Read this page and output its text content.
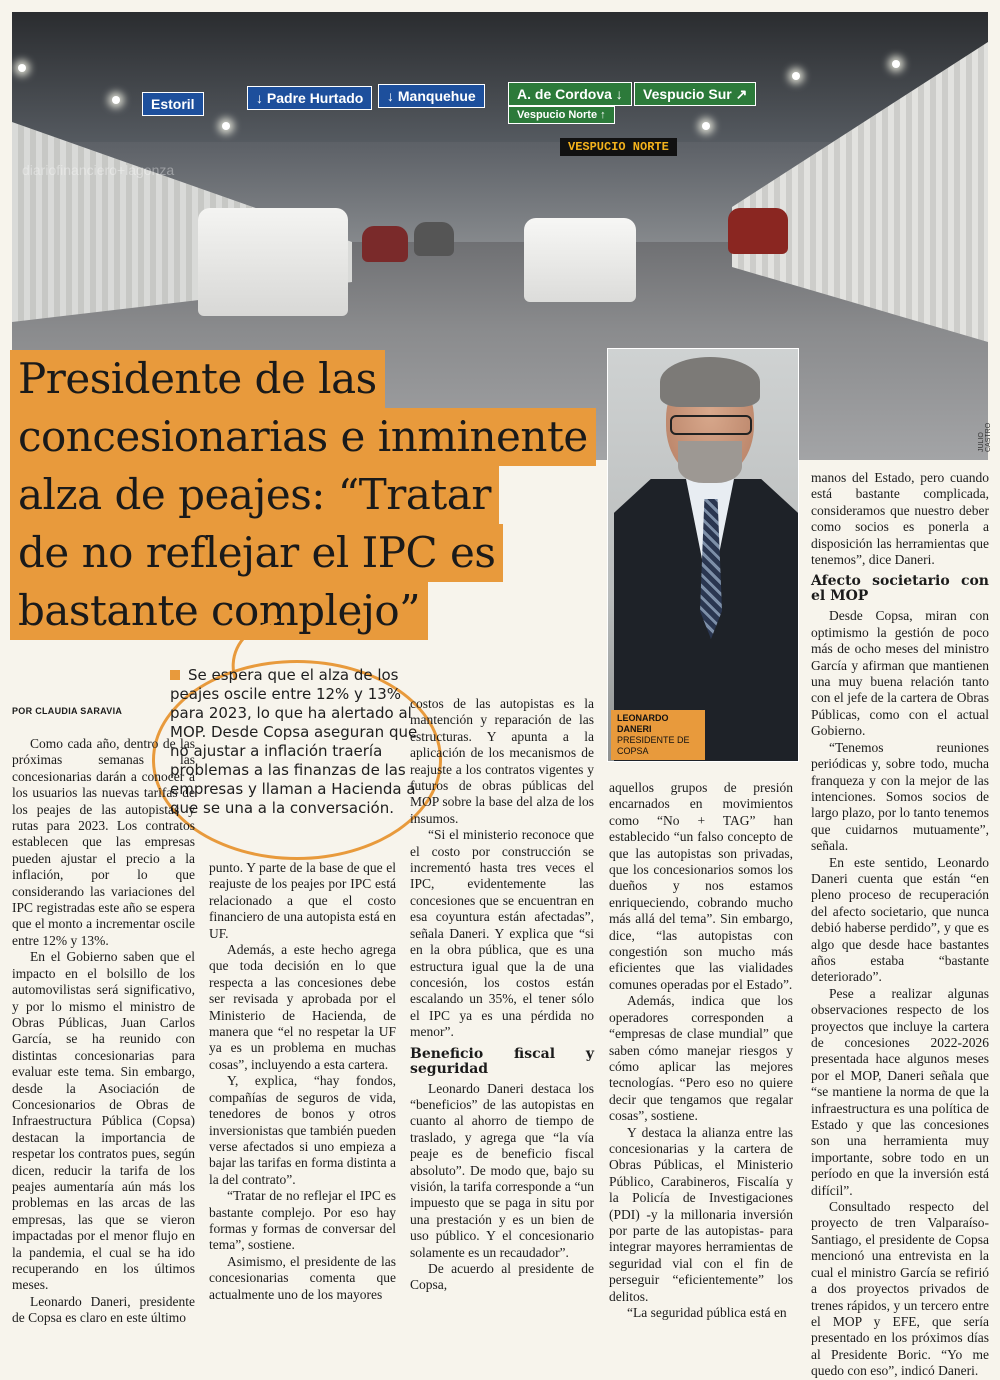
Estoril	↓ Padre Hurtado	↓ Manquehue	A. de Cordova ↓	Vespucio Sur ↗
Vespucio Norte ↑
VESPUCIO NORTE
diariofinanciero+lagonza
JULIO CASTRO
LEONARDO
DANERI
PRESIDENTE DE
COPSA
Presidente de las
concesionarias e inminente
alza de peajes: “Tratar
de no reflejar el IPC es
bastante complejo”
Se espera que el alza de los peajes oscile entre 12% y 13% para 2023, lo que ha alertado al MOP. Desde Copsa aseguran que no ajustar a inflación traería problemas a las finanzas de las empresas y llaman a Hacienda a que se una a la conversación.
POR CLAUDIA SARAVIA

Como cada año, dentro de las próximas semanas las concesionarias darán a conocer a los usuarios las nuevas tarifas de los peajes de las autopistas y rutas para 2023. Los contratos establecen que las empresas pueden ajustar el precio a la inflación, por lo que considerando las variaciones del IPC registradas este año se espera que el monto a incrementar oscile entre 12% y 13%.

En el Gobierno saben que el impacto en el bolsillo de los automovilistas será significativo, y por lo mismo el ministro de Obras Públicas, Juan Carlos García, se ha reunido con distintas concesionarias para evaluar este tema. Sin embargo, desde la Asociación de Concesionarios de Obras de Infraestructura Pública (Copsa) destacan la importancia de respetar los contratos pues, según dicen, reducir la tarifa de los peajes aumentaría aún más los problemas en las arcas de las empresas, las que se vieron impactadas por el menor flujo en la pandemia, el cual se ha ido recuperando en los últimos meses.

Leonardo Daneri, presidente de Copsa es claro en este último

punto. Y parte de la base de que el reajuste de los peajes por IPC está relacionado a que el costo financiero de una autopista está en UF.

Además, a este hecho agrega que toda decisión en lo que respecta a las concesiones debe ser revisada y aprobada por el Ministerio de Hacienda, de manera que “el no respetar la UF ya es un problema en muchas cosas”, incluyendo a esta cartera.

Y, explica, “hay fondos, compañías de seguros de vida, tenedores de bonos y otros inversionistas que también pueden verse afectados si uno empieza a bajar las tarifas en forma distinta a la del contrato”.

“Tratar de no reflejar el IPC es bastante complejo. Por eso hay formas y formas de conversar del tema”, sostiene.

Asimismo, el presidente de las concesionarias comenta que actualmente uno de los mayores

costos de las autopistas es la mantención y reparación de las estructuras. Y apunta a la aplicación de los mecanismos de reajuste a los contratos vigentes y futuros de obras públicas del MOP sobre la base del alza de los insumos.

“Si el ministerio reconoce que el costo por construcción se incrementó hasta tres veces el IPC, evidentemente las concesiones que se encuentran en esa coyuntura están afectadas”, señala Daneri. Y explica que “si en la obra pública, que es una estructura igual que la de una concesión, los costos están escalando un 35%, el tener sólo el IPC ya es una pérdida no menor”.

Beneficio fiscal y seguridad

Leonardo Daneri destaca los “beneficios” de las autopistas en cuanto al ahorro de tiempo de traslado, y agrega que “la vía peaje es de beneficio fiscal absoluto”. De modo que, bajo su visión, la tarifa corresponde a “un impuesto que se paga in situ por una prestación y es un bien de uso público. Y el concesionario solamente es un recaudador”.

De acuerdo al presidente de Copsa,

aquellos grupos de presión encarnados en movimientos como “No + TAG” han establecido “un falso concepto de que las autopistas son privadas, que los concesionarios somos los dueños y nos estamos enriqueciendo, cobrando mucho más allá del tema”. Sin embargo, dice, “las autopistas con congestión son mucho más eficientes que las vialidades comunes operadas por el Estado”.

Además, indica que los operadores corresponden a “empresas de clase mundial” que saben cómo manejar riesgos y cómo aplicar las mejores tecnologías. “Pero eso no quiere decir que tengamos que regalar cosas”, sostiene.

Y destaca la alianza entre las concesionarias y la cartera de Obras Públicas, el Ministerio Público, Carabineros, Fiscalía y la Policía de Investigaciones (PDI) -y la millonaria inversión por parte de las autopistas- para integrar mayores herramientas de seguridad vial con el fin de perseguir “eficientemente” los delitos.

“La seguridad pública está en

manos del Estado, pero cuando está bastante complicada, consideramos que nuestro deber como socios es ponerla a disposición las herramientas que tenemos”, dice Daneri.

Afecto societario con el MOP

Desde Copsa, miran con optimismo la gestión de poco más de ocho meses del ministro García y afirman que mantienen una muy buena relación tanto con el jefe de la cartera de Obras Públicas, como con el actual Gobierno.

“Tenemos reuniones periódicas y, sobre todo, mucha franqueza y con la mejor de las intenciones. Somos socios de largo plazo, por lo tanto tenemos que cuidarnos mutuamente”, señala.

En este sentido, Leonardo Daneri cuenta que están “en pleno proceso de recuperación del afecto societario, que nunca debió haberse perdido”, y que es algo que desde hace bastantes años estaba “bastante deteriorado”.

Pese a realizar algunas observaciones respecto de los proyectos que incluye la cartera de concesiones 2022-2026 presentada hace algunos meses por el MOP, Daneri señala que “se mantiene la norma de que la infraestructura es una política de Estado y que las concesiones son una herramienta muy importante, sobre todo en un período en que la inversión está difícil”.

Consultado respecto del proyecto de tren Valparaíso-Santiago, el presidente de Copsa mencionó una entrevista en la cual el ministro García se refirió a dos proyectos privados de trenes rápidos, y un tercero entre el MOP y EFE, que sería presentado en los próximos días al Presidente Boric. “Yo me quedo con eso”, indicó Daneri.
